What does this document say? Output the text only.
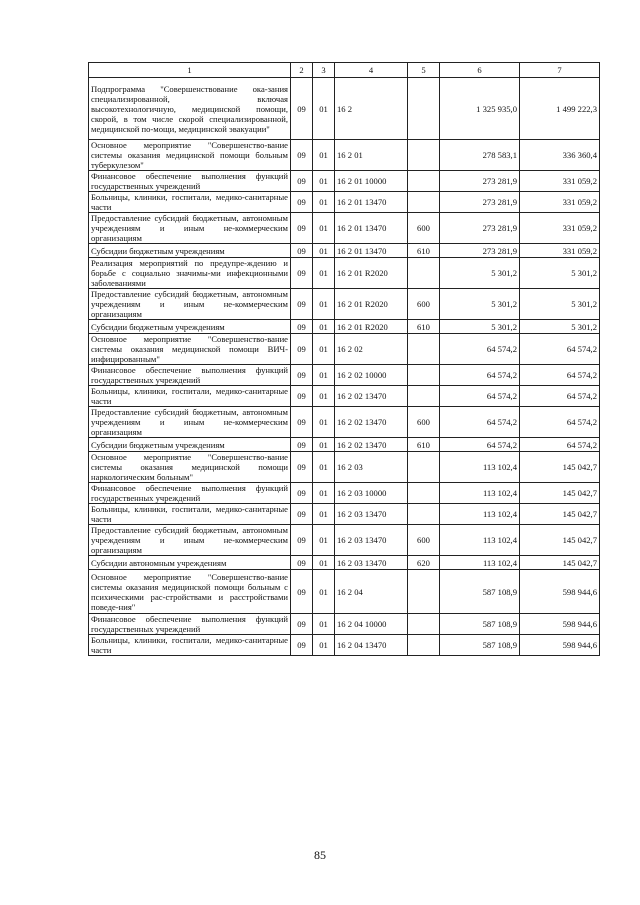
1	2	3	4	5	6	7
Подпрограмма "Совершенствование ока-зания специализированной, включая высокотехнологичную, медицинской помощи, скорой, в том числе скорой специализированной, медицинской по-мощи, медицинской эвакуации"	09	01	16 2		1 325 935,0	1 499 222,3
Основное мероприятие "Совершенство-вание системы оказания медицинской помощи больным туберкулезом"	09	01	16 2 01		278 583,1	336 360,4
Финансовое обеспечение выполнения функций государственных учреждений	09	01	16 2 01 10000		273 281,9	331 059,2
Больницы, клиники, госпитали, медико-санитарные части	09	01	16 2 01 13470		273 281,9	331 059,2
Предоставление субсидий бюджетным, автономным учреждениям и иным не-коммерческим организациям	09	01	16 2 01 13470	600	273 281,9	331 059,2
Субсидии бюджетным учреждениям	09	01	16 2 01 13470	610	273 281,9	331 059,2
Реализация мероприятий по предупре-ждению и борьбе с социально значимы-ми инфекционными заболеваниями	09	01	16 2 01 R2020		5 301,2	5 301,2
Предоставление субсидий бюджетным, автономным учреждениям и иным не-коммерческим организациям	09	01	16 2 01 R2020	600	5 301,2	5 301,2
Субсидии бюджетным учреждениям	09	01	16 2 01 R2020	610	5 301,2	5 301,2
Основное мероприятие "Совершенство-вание системы оказания медицинской помощи ВИЧ-инфицированным"	09	01	16 2 02		64 574,2	64 574,2
Финансовое обеспечение выполнения функций государственных учреждений	09	01	16 2 02 10000		64 574,2	64 574,2
Больницы, клиники, госпитали, медико-санитарные части	09	01	16 2 02 13470		64 574,2	64 574,2
Предоставление субсидий бюджетным, автономным учреждениям и иным не-коммерческим организациям	09	01	16 2 02 13470	600	64 574,2	64 574,2
Субсидии бюджетным учреждениям	09	01	16 2 02 13470	610	64 574,2	64 574,2
Основное мероприятие "Совершенство-вание системы оказания медицинской помощи наркологическим больным"	09	01	16 2 03		113 102,4	145 042,7
Финансовое обеспечение выполнения функций государственных учреждений	09	01	16 2 03 10000		113 102,4	145 042,7
Больницы, клиники, госпитали, медико-санитарные части	09	01	16 2 03 13470		113 102,4	145 042,7
Предоставление субсидий бюджетным, автономным учреждениям и иным не-коммерческим организациям	09	01	16 2 03 13470	600	113 102,4	145 042,7
Субсидии автономным учреждениям	09	01	16 2 03 13470	620	113 102,4	145 042,7
Основное мероприятие "Совершенство-вание системы оказания медицинской помощи больным с психическими рас-стройствами и расстройствами поведе-ния"	09	01	16 2 04		587 108,9	598 944,6
Финансовое обеспечение выполнения функций государственных учреждений	09	01	16 2 04 10000		587 108,9	598 944,6
Больницы, клиники, госпитали, медико-санитарные части	09	01	16 2 04 13470		587 108,9	598 944,6
85
